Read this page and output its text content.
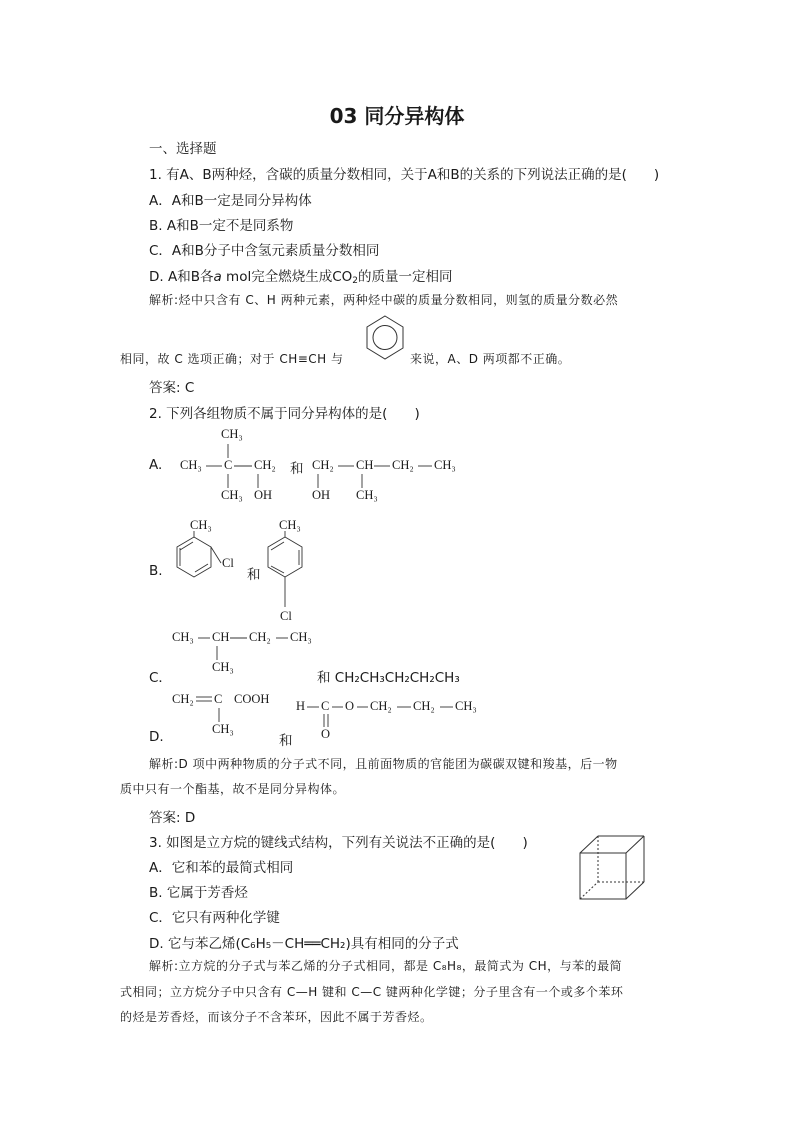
03 同分异构体
一、选择题
1. 有A、B两种烃，含碳的质量分数相同，关于A和B的关系的下列说法正确的是(　　)
A．A和B一定是同分异构体
B. A和B一定不是同系物
C．A和B分子中含氢元素质量分数相同
D. A和B各a mol完全燃烧生成$CO_2$的质量一定相同
解析:烃中只含有 C、H 两种元素，两种烃中碳的质量分数相同，则氢的质量分数必然
相同，故 C 选项正确；对于 CH≡CH 与	来说，A、D 两项都不正确。
答案: C
2. 下列各组物质不属于同分异构体的是(　　)
A.
CH₃
CH₃ C CH₂
CH₃ OH
和 CH₂ CH CH₂ CH₃
OH CH₃
B.
CH₃
Cl
和
CH₃
Cl
C．
CH₃ CH CH₂ CH₃
CH₃
和 CH₂CH₃CH₂CH₂CH₃
D.
CH₂ C COOH
CH₃
和
H C O CH₂ CH₂ CH₃
O
解析:D 项中两种物质的分子式不同，且前面物质的官能团为碳碳双键和羧基，后一物
质中只有一个酯基，故不是同分异构体。
答案: D
3. 如图是立方烷的键线式结构，下列有关说法不正确的是(　　)
A．它和苯的最简式相同
B. 它属于芳香烃
C．它只有两种化学键
D. 它与苯乙烯(C₆H₅－CH══CH₂)具有相同的分子式
解析:立方烷的分子式与苯乙烯的分子式相同，都是 C₈H₈，最简式为 CH，与苯的最简
式相同；立方烷分子中只含有 C—H 键和 C—C 键两种化学键；分子里含有一个或多个苯环
的烃是芳香烃，而该分子不含苯环，因此不属于芳香烃。
